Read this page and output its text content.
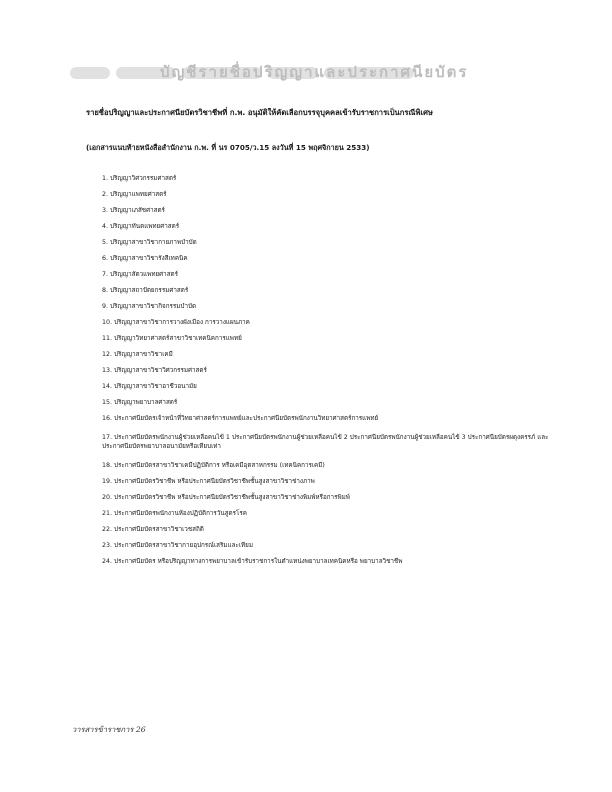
บัญชีรายชื่อปริญญาและประกาศนียบัตร
รายชื่อปริญญาและประกาศนียบัตรวิชาชีพที่ ก.พ. อนุมัติให้คัดเลือกบรรจุบุคคลเข้ารับราชการเป็นกรณีพิเศษ
(เอกสารแนบท้ายหนังสือสำนักงาน ก.พ. ที่ นร 0705/ว.15 ลงวันที่ 15 พฤศจิกายน 2533)
1. ปริญญาวิศวกรรมศาสตร์
2. ปริญญาแพทยศาสตร์
3. ปริญญาเภสัชศาสตร์
4. ปริญญาทันตแพทยศาสตร์
5. ปริญญาสาขาวิชากายภาพบำบัด
6. ปริญญาสาขาวิชารังสีเทคนิค
7. ปริญญาสัตวแพทยศาสตร์
8. ปริญญาสถาปัตยกรรมศาสตร์
9. ปริญญาสาขาวิชากิจกรรมบำบัด
10. ปริญญาสาขาวิชาการวางผังเมือง การวางแผนภาค
11. ปริญญาวิทยาศาสตร์สาขาวิชาเทคนิคการแพทย์
12. ปริญญาสาขาวิชาเคมี
13. ปริญญาสาขาวิชาวิศวกรรมศาสตร์
14. ปริญญาสาขาวิชาอาชีวอนามัย
15. ปริญญาพยาบาลศาสตร์
16. ประกาศนียบัตรเจ้าหน้าที่วิทยาศาสตร์การแพทย์และประกาศนียบัตรพนักงานวิทยาศาสตร์การแพทย์
17. ประกาศนียบัตรพนักงานผู้ช่วยเหลือคนไข้ 1 ประกาศนียบัตรพนักงานผู้ช่วยเหลือคนไข้ 2 ประกาศนียบัตรพนักงานผู้ช่วยเหลือคนไข้ 3 ประกาศนียบัตรผดุงครรภ์ และประกาศนียบัตรพยาบาลอนามัยหรือเทียบเท่า
18. ประกาศนียบัตรสาขาวิชาเคมีปฏิบัติการ หรือเคมีอุตสาหกรรม (เทคนิคการเคมี)
19. ประกาศนียบัตรวิชาชีพ หรือประกาศนียบัตรวิชาชีพชั้นสูงสาขาวิชาช่างภาพ
20. ประกาศนียบัตรวิชาชีพ หรือประกาศนียบัตรวิชาชีพชั้นสูงสาขาวิชาช่างพิมพ์หรือการพิมพ์
21. ประกาศนียบัตรพนักงานห้องปฏิบัติการวันสูตรโรค
22. ประกาศนียบัตรสาขาวิชาเวชสถิติ
23. ประกาศนียบัตรสาขาวิชากายอุปกรณ์เสริมและเทียม
24. ประกาศนียบัตร หรือปริญญาทางการพยาบาลเข้ารับราชการในตำแหน่งพยาบาลเทคนิคหรือ พยาบาลวิชาชีพ
วารสารข้าราชการ 26
